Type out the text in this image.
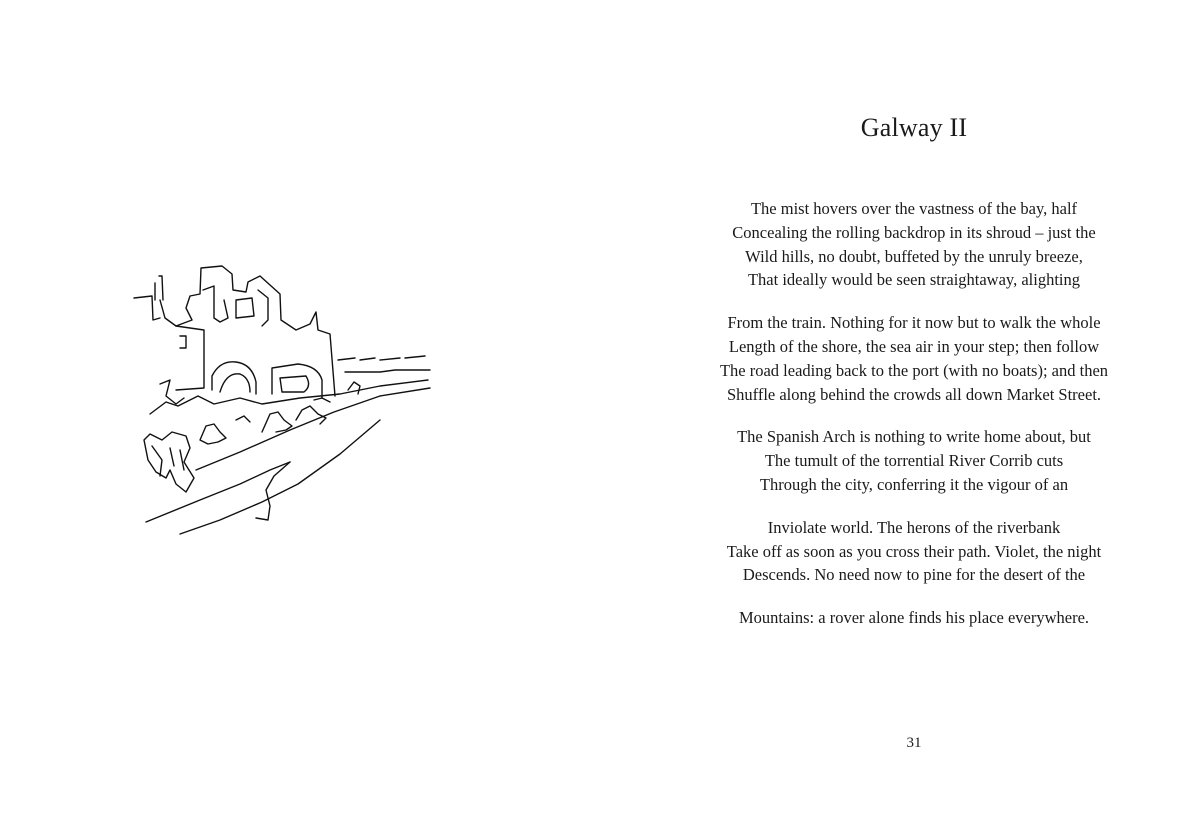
Galway II
The mist hovers over the vastness of the bay, half
Concealing the rolling backdrop in its shroud – just the
Wild hills, no doubt, buffeted by the unruly breeze,
That ideally would be seen straightaway, alighting
From the train. Nothing for it now but to walk the whole
Length of the shore, the sea air in your step; then follow
The road leading back to the port (with no boats); and then
Shuffle along behind the crowds all down Market Street.
The Spanish Arch is nothing to write home about, but
The tumult of the torrential River Corrib cuts
Through the city, conferring it the vigour of an
Inviolate world. The herons of the riverbank
Take off as soon as you cross their path. Violet, the night
Descends. No need now to pine for the desert of the
Mountains: a rover alone finds his place everywhere.
31
